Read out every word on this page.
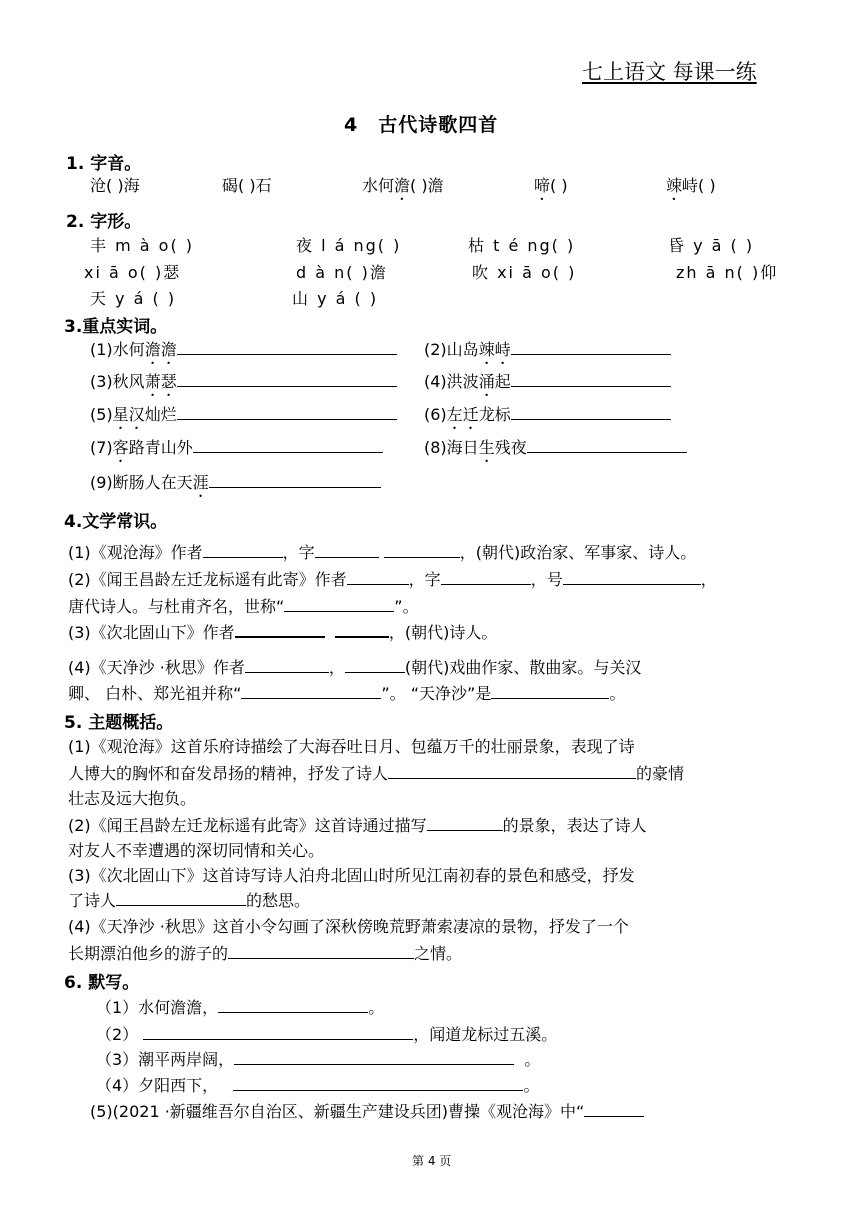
七上语文 每课一练
4　古代诗歌四首
1. 字音。
沧( )海	碣( )石	水何澹( )澹	啼( )	竦峙( )
2. 字形。
丰 m à o( )	夜 l á ng( )	枯 t é ng( )	昏 y ā ( )
xi ā o( )瑟	d à n( )澹	吹 xi ā o( )	zh ā n( )仰
天 y á ( )	山 y á ( )
3.重点实词。
(1)水何澹澹	(2)山岛竦峙
(3)秋风萧瑟	(4)洪波涌起
(5)星汉灿烂	(6)左迁龙标
(7)客路青山外	(8)海日生残夜
(9)断肠人在天涯
4.文学常识。
(1)《观沧海》作者	，字	，(朝代)政治家、军事家、诗人。
(2)《闻王昌龄左迁龙标遥有此寄》作者	，字	，号	，
唐代诗人。与杜甫齐名，世称“	”。
(3)《次北固山下》作者	，(朝代)诗人。
(4)《天净沙 ·秋思》作者	，	(朝代)戏曲作家、散曲家。与关汉
卿、 白朴、郑光祖并称“	”。 “天净沙”是	。
5. 主题概括。
(1)《观沧海》这首乐府诗描绘了大海吞吐日月、包蕴万千的壮丽景象，表现了诗
人博大的胸怀和奋发昂扬的精神，抒发了诗人	的豪情
壮志及远大抱负。
(2)《闻王昌龄左迁龙标遥有此寄》这首诗通过描写	的景象，表达了诗人
对友人不幸遭遇的深切同情和关心。
(3)《次北固山下》这首诗写诗人泊舟北固山时所见江南初春的景色和感受，抒发
了诗人	的愁思。
(4)《天净沙 ·秋思》这首小令勾画了深秋傍晚荒野萧索凄凉的景物，抒发了一个
长期漂泊他乡的游子的	之情。
6. 默写。
（1）水何澹澹，	。
（2）	，闻道龙标过五溪。
（3）潮平两岸阔，	。
（4）夕阳西下，	。
(5)(2021 ·新疆维吾尔自治区、新疆生产建设兵团)曹操《观沧海》中“
第 4 页
